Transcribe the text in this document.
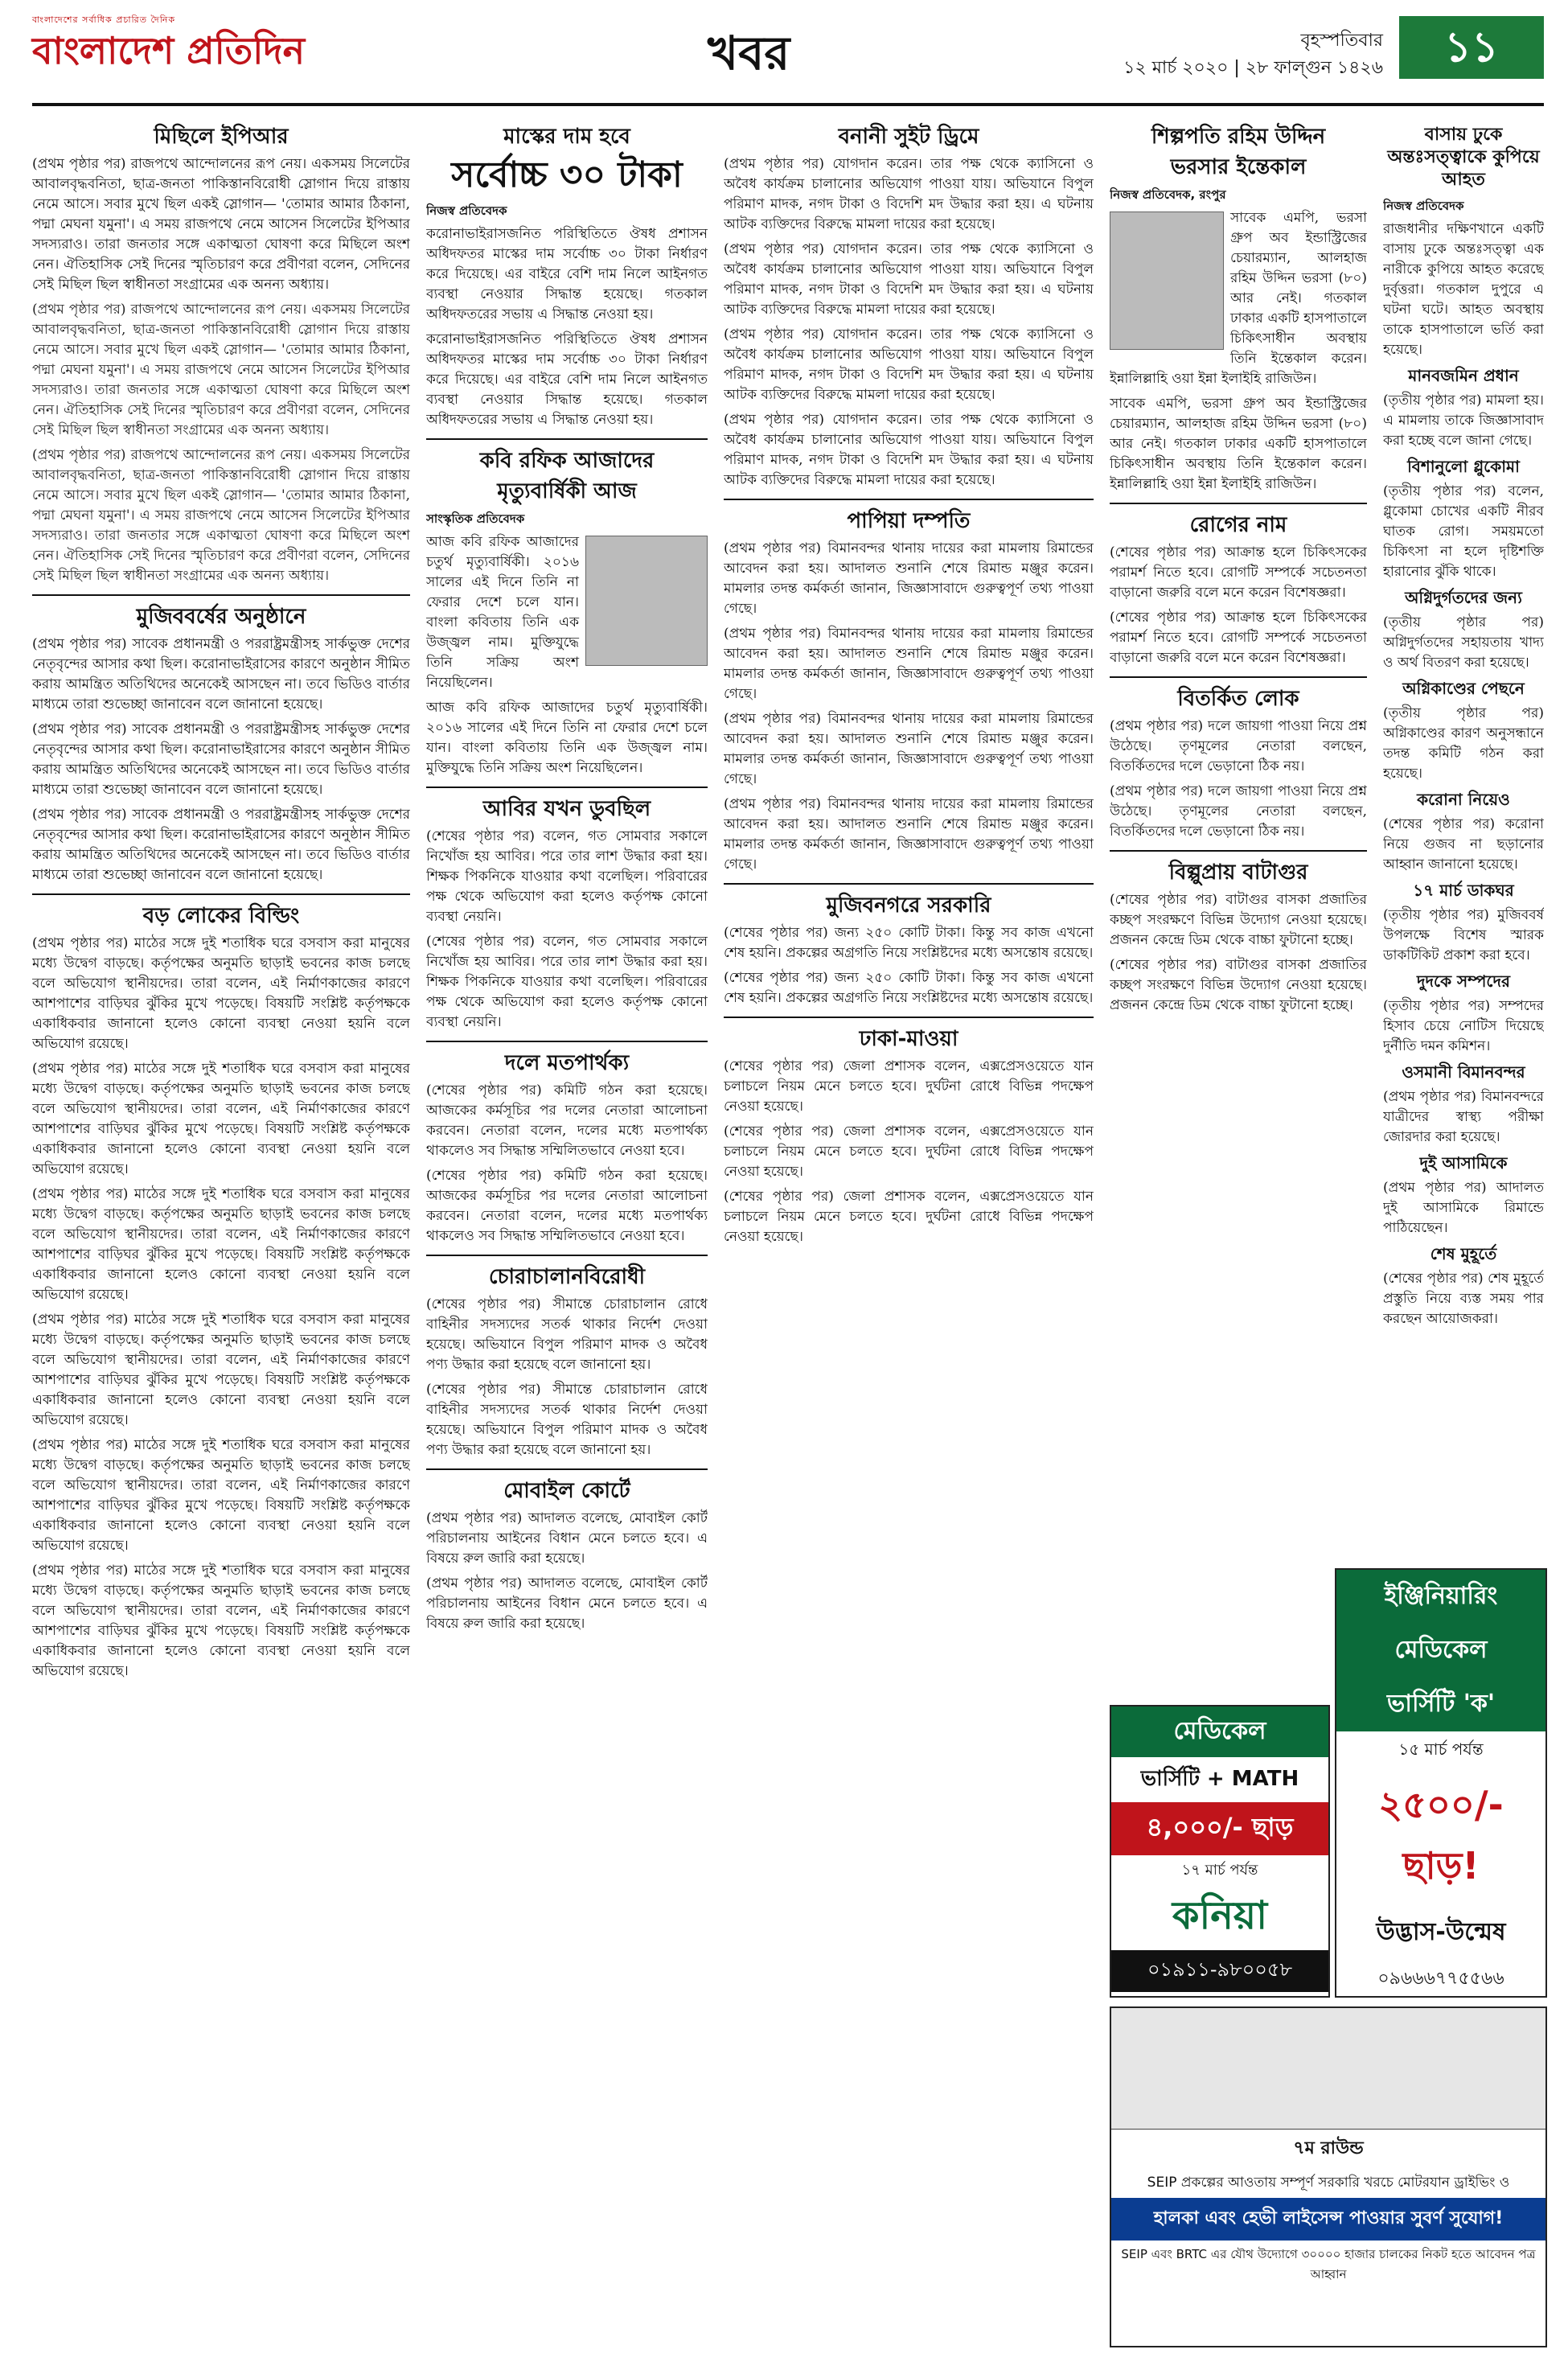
বাংলাদেশের সর্বাধিক প্রচারিত দৈনিক
বাংলাদেশ প্রতিদিন	খবর	বৃহস্পতিবার
১২ মার্চ ২০২০ | ২৮ ফাল্গুন ১৪২৬	১১
মিছিলে ইপিআর

(প্রথম পৃষ্ঠার পর) রাজপথে আন্দোলনের রূপ নেয়। একসময় সিলেটের আবালবৃদ্ধবনিতা, ছাত্র-জনতা পাকিস্তানবিরোধী স্লোগান দিয়ে রাস্তায় নেমে আসে। সবার মুখে ছিল একই স্লোগান— 'তোমার আমার ঠিকানা, পদ্মা মেঘনা যমুনা'। এ সময় রাজপথে নেমে আসেন সিলেটের ইপিআর সদস্যরাও। তারা জনতার সঙ্গে একাত্মতা ঘোষণা করে মিছিলে অংশ নেন। ঐতিহাসিক সেই দিনের স্মৃতিচারণ করে প্রবীণরা বলেন, সেদিনের সেই মিছিল ছিল স্বাধীনতা সংগ্রামের এক অনন্য অধ্যায়।

(প্রথম পৃষ্ঠার পর) রাজপথে আন্দোলনের রূপ নেয়। একসময় সিলেটের আবালবৃদ্ধবনিতা, ছাত্র-জনতা পাকিস্তানবিরোধী স্লোগান দিয়ে রাস্তায় নেমে আসে। সবার মুখে ছিল একই স্লোগান— 'তোমার আমার ঠিকানা, পদ্মা মেঘনা যমুনা'। এ সময় রাজপথে নেমে আসেন সিলেটের ইপিআর সদস্যরাও। তারা জনতার সঙ্গে একাত্মতা ঘোষণা করে মিছিলে অংশ নেন। ঐতিহাসিক সেই দিনের স্মৃতিচারণ করে প্রবীণরা বলেন, সেদিনের সেই মিছিল ছিল স্বাধীনতা সংগ্রামের এক অনন্য অধ্যায়।

(প্রথম পৃষ্ঠার পর) রাজপথে আন্দোলনের রূপ নেয়। একসময় সিলেটের আবালবৃদ্ধবনিতা, ছাত্র-জনতা পাকিস্তানবিরোধী স্লোগান দিয়ে রাস্তায় নেমে আসে। সবার মুখে ছিল একই স্লোগান— 'তোমার আমার ঠিকানা, পদ্মা মেঘনা যমুনা'। এ সময় রাজপথে নেমে আসেন সিলেটের ইপিআর সদস্যরাও। তারা জনতার সঙ্গে একাত্মতা ঘোষণা করে মিছিলে অংশ নেন। ঐতিহাসিক সেই দিনের স্মৃতিচারণ করে প্রবীণরা বলেন, সেদিনের সেই মিছিল ছিল স্বাধীনতা সংগ্রামের এক অনন্য অধ্যায়।

মুজিববর্ষের অনুষ্ঠানে

(প্রথম পৃষ্ঠার পর) সাবেক প্রধানমন্ত্রী ও পররাষ্ট্রমন্ত্রীসহ সার্কভুক্ত দেশের নেতৃবৃন্দের আসার কথা ছিল। করোনাভাইরাসের কারণে অনুষ্ঠান সীমিত করায় আমন্ত্রিত অতিথিদের অনেকেই আসছেন না। তবে ভিডিও বার্তার মাধ্যমে তারা শুভেচ্ছা জানাবেন বলে জানানো হয়েছে।

(প্রথম পৃষ্ঠার পর) সাবেক প্রধানমন্ত্রী ও পররাষ্ট্রমন্ত্রীসহ সার্কভুক্ত দেশের নেতৃবৃন্দের আসার কথা ছিল। করোনাভাইরাসের কারণে অনুষ্ঠান সীমিত করায় আমন্ত্রিত অতিথিদের অনেকেই আসছেন না। তবে ভিডিও বার্তার মাধ্যমে তারা শুভেচ্ছা জানাবেন বলে জানানো হয়েছে।

(প্রথম পৃষ্ঠার পর) সাবেক প্রধানমন্ত্রী ও পররাষ্ট্রমন্ত্রীসহ সার্কভুক্ত দেশের নেতৃবৃন্দের আসার কথা ছিল। করোনাভাইরাসের কারণে অনুষ্ঠান সীমিত করায় আমন্ত্রিত অতিথিদের অনেকেই আসছেন না। তবে ভিডিও বার্তার মাধ্যমে তারা শুভেচ্ছা জানাবেন বলে জানানো হয়েছে।

বড় লোকের বিল্ডিং

(প্রথম পৃষ্ঠার পর) মাঠের সঙ্গে দুই শতাধিক ঘরে বসবাস করা মানুষের মধ্যে উদ্বেগ বাড়ছে। কর্তৃপক্ষের অনুমতি ছাড়াই ভবনের কাজ চলছে বলে অভিযোগ স্থানীয়দের। তারা বলেন, এই নির্মাণকাজের কারণে আশপাশের বাড়িঘর ঝুঁকির মুখে পড়েছে। বিষয়টি সংশ্লিষ্ট কর্তৃপক্ষকে একাধিকবার জানানো হলেও কোনো ব্যবস্থা নেওয়া হয়নি বলে অভিযোগ রয়েছে।

(প্রথম পৃষ্ঠার পর) মাঠের সঙ্গে দুই শতাধিক ঘরে বসবাস করা মানুষের মধ্যে উদ্বেগ বাড়ছে। কর্তৃপক্ষের অনুমতি ছাড়াই ভবনের কাজ চলছে বলে অভিযোগ স্থানীয়দের। তারা বলেন, এই নির্মাণকাজের কারণে আশপাশের বাড়িঘর ঝুঁকির মুখে পড়েছে। বিষয়টি সংশ্লিষ্ট কর্তৃপক্ষকে একাধিকবার জানানো হলেও কোনো ব্যবস্থা নেওয়া হয়নি বলে অভিযোগ রয়েছে।

(প্রথম পৃষ্ঠার পর) মাঠের সঙ্গে দুই শতাধিক ঘরে বসবাস করা মানুষের মধ্যে উদ্বেগ বাড়ছে। কর্তৃপক্ষের অনুমতি ছাড়াই ভবনের কাজ চলছে বলে অভিযোগ স্থানীয়দের। তারা বলেন, এই নির্মাণকাজের কারণে আশপাশের বাড়িঘর ঝুঁকির মুখে পড়েছে। বিষয়টি সংশ্লিষ্ট কর্তৃপক্ষকে একাধিকবার জানানো হলেও কোনো ব্যবস্থা নেওয়া হয়নি বলে অভিযোগ রয়েছে।

(প্রথম পৃষ্ঠার পর) মাঠের সঙ্গে দুই শতাধিক ঘরে বসবাস করা মানুষের মধ্যে উদ্বেগ বাড়ছে। কর্তৃপক্ষের অনুমতি ছাড়াই ভবনের কাজ চলছে বলে অভিযোগ স্থানীয়দের। তারা বলেন, এই নির্মাণকাজের কারণে আশপাশের বাড়িঘর ঝুঁকির মুখে পড়েছে। বিষয়টি সংশ্লিষ্ট কর্তৃপক্ষকে একাধিকবার জানানো হলেও কোনো ব্যবস্থা নেওয়া হয়নি বলে অভিযোগ রয়েছে।

(প্রথম পৃষ্ঠার পর) মাঠের সঙ্গে দুই শতাধিক ঘরে বসবাস করা মানুষের মধ্যে উদ্বেগ বাড়ছে। কর্তৃপক্ষের অনুমতি ছাড়াই ভবনের কাজ চলছে বলে অভিযোগ স্থানীয়দের। তারা বলেন, এই নির্মাণকাজের কারণে আশপাশের বাড়িঘর ঝুঁকির মুখে পড়েছে। বিষয়টি সংশ্লিষ্ট কর্তৃপক্ষকে একাধিকবার জানানো হলেও কোনো ব্যবস্থা নেওয়া হয়নি বলে অভিযোগ রয়েছে।

(প্রথম পৃষ্ঠার পর) মাঠের সঙ্গে দুই শতাধিক ঘরে বসবাস করা মানুষের মধ্যে উদ্বেগ বাড়ছে। কর্তৃপক্ষের অনুমতি ছাড়াই ভবনের কাজ চলছে বলে অভিযোগ স্থানীয়দের। তারা বলেন, এই নির্মাণকাজের কারণে আশপাশের বাড়িঘর ঝুঁকির মুখে পড়েছে। বিষয়টি সংশ্লিষ্ট কর্তৃপক্ষকে একাধিকবার জানানো হলেও কোনো ব্যবস্থা নেওয়া হয়নি বলে অভিযোগ রয়েছে।

মাস্কের দাম হবে
সর্বোচ্চ ৩০ টাকা
নিজস্ব প্রতিবেদক

করোনাভাইরাসজনিত পরিস্থিতিতে ঔষধ প্রশাসন অধিদফতর মাস্কের দাম সর্বোচ্চ ৩০ টাকা নির্ধারণ করে দিয়েছে। এর বাইরে বেশি দাম নিলে আইনগত ব্যবস্থা নেওয়ার সিদ্ধান্ত হয়েছে। গতকাল অধিদফতরের সভায় এ সিদ্ধান্ত নেওয়া হয়।

করোনাভাইরাসজনিত পরিস্থিতিতে ঔষধ প্রশাসন অধিদফতর মাস্কের দাম সর্বোচ্চ ৩০ টাকা নির্ধারণ করে দিয়েছে। এর বাইরে বেশি দাম নিলে আইনগত ব্যবস্থা নেওয়ার সিদ্ধান্ত হয়েছে। গতকাল অধিদফতরের সভায় এ সিদ্ধান্ত নেওয়া হয়।

কবি রফিক আজাদের
মৃত্যুবার্ষিকী আজ
সাংস্কৃতিক প্রতিবেদক

আজ কবি রফিক আজাদের চতুর্থ মৃত্যুবার্ষিকী। ২০১৬ সালের এই দিনে তিনি না ফেরার দেশে চলে যান। বাংলা কবিতায় তিনি এক উজ্জ্বল নাম। মুক্তিযুদ্ধে তিনি সক্রিয় অংশ নিয়েছিলেন।

আজ কবি রফিক আজাদের চতুর্থ মৃত্যুবার্ষিকী। ২০১৬ সালের এই দিনে তিনি না ফেরার দেশে চলে যান। বাংলা কবিতায় তিনি এক উজ্জ্বল নাম। মুক্তিযুদ্ধে তিনি সক্রিয় অংশ নিয়েছিলেন।

আবির যখন ডুবছিল

(শেষের পৃষ্ঠার পর) বলেন, গত সোমবার সকালে নিখোঁজ হয় আবির। পরে তার লাশ উদ্ধার করা হয়। শিক্ষক পিকনিকে যাওয়ার কথা বলেছিল। পরিবারের পক্ষ থেকে অভিযোগ করা হলেও কর্তৃপক্ষ কোনো ব্যবস্থা নেয়নি।

(শেষের পৃষ্ঠার পর) বলেন, গত সোমবার সকালে নিখোঁজ হয় আবির। পরে তার লাশ উদ্ধার করা হয়। শিক্ষক পিকনিকে যাওয়ার কথা বলেছিল। পরিবারের পক্ষ থেকে অভিযোগ করা হলেও কর্তৃপক্ষ কোনো ব্যবস্থা নেয়নি।

দলে মতপার্থক্য

(শেষের পৃষ্ঠার পর) কমিটি গঠন করা হয়েছে। আজকের কর্মসূচির পর দলের নেতারা আলোচনা করবেন। নেতারা বলেন, দলের মধ্যে মতপার্থক্য থাকলেও সব সিদ্ধান্ত সম্মিলিতভাবে নেওয়া হবে।

(শেষের পৃষ্ঠার পর) কমিটি গঠন করা হয়েছে। আজকের কর্মসূচির পর দলের নেতারা আলোচনা করবেন। নেতারা বলেন, দলের মধ্যে মতপার্থক্য থাকলেও সব সিদ্ধান্ত সম্মিলিতভাবে নেওয়া হবে।

চোরাচালানবিরোধী

(শেষের পৃষ্ঠার পর) সীমান্তে চোরাচালান রোধে বাহিনীর সদস্যদের সতর্ক থাকার নির্দেশ দেওয়া হয়েছে। অভিযানে বিপুল পরিমাণ মাদক ও অবৈধ পণ্য উদ্ধার করা হয়েছে বলে জানানো হয়।

(শেষের পৃষ্ঠার পর) সীমান্তে চোরাচালান রোধে বাহিনীর সদস্যদের সতর্ক থাকার নির্দেশ দেওয়া হয়েছে। অভিযানে বিপুল পরিমাণ মাদক ও অবৈধ পণ্য উদ্ধার করা হয়েছে বলে জানানো হয়।

মোবাইল কোর্টে

(প্রথম পৃষ্ঠার পর) আদালত বলেছে, মোবাইল কোর্ট পরিচালনায় আইনের বিধান মেনে চলতে হবে। এ বিষয়ে রুল জারি করা হয়েছে।

(প্রথম পৃষ্ঠার পর) আদালত বলেছে, মোবাইল কোর্ট পরিচালনায় আইনের বিধান মেনে চলতে হবে। এ বিষয়ে রুল জারি করা হয়েছে।

বনানী সুইট ড্রিমে

(প্রথম পৃষ্ঠার পর) যোগদান করেন। তার পক্ষ থেকে ক্যাসিনো ও অবৈধ কার্যক্রম চালানোর অভিযোগ পাওয়া যায়। অভিযানে বিপুল পরিমাণ মাদক, নগদ টাকা ও বিদেশি মদ উদ্ধার করা হয়। এ ঘটনায় আটক ব্যক্তিদের বিরুদ্ধে মামলা দায়ের করা হয়েছে।

(প্রথম পৃষ্ঠার পর) যোগদান করেন। তার পক্ষ থেকে ক্যাসিনো ও অবৈধ কার্যক্রম চালানোর অভিযোগ পাওয়া যায়। অভিযানে বিপুল পরিমাণ মাদক, নগদ টাকা ও বিদেশি মদ উদ্ধার করা হয়। এ ঘটনায় আটক ব্যক্তিদের বিরুদ্ধে মামলা দায়ের করা হয়েছে।

(প্রথম পৃষ্ঠার পর) যোগদান করেন। তার পক্ষ থেকে ক্যাসিনো ও অবৈধ কার্যক্রম চালানোর অভিযোগ পাওয়া যায়। অভিযানে বিপুল পরিমাণ মাদক, নগদ টাকা ও বিদেশি মদ উদ্ধার করা হয়। এ ঘটনায় আটক ব্যক্তিদের বিরুদ্ধে মামলা দায়ের করা হয়েছে।

(প্রথম পৃষ্ঠার পর) যোগদান করেন। তার পক্ষ থেকে ক্যাসিনো ও অবৈধ কার্যক্রম চালানোর অভিযোগ পাওয়া যায়। অভিযানে বিপুল পরিমাণ মাদক, নগদ টাকা ও বিদেশি মদ উদ্ধার করা হয়। এ ঘটনায় আটক ব্যক্তিদের বিরুদ্ধে মামলা দায়ের করা হয়েছে।

পাপিয়া দম্পতি

(প্রথম পৃষ্ঠার পর) বিমানবন্দর থানায় দায়ের করা মামলায় রিমান্ডের আবেদন করা হয়। আদালত শুনানি শেষে রিমান্ড মঞ্জুর করেন। মামলার তদন্ত কর্মকর্তা জানান, জিজ্ঞাসাবাদে গুরুত্বপূর্ণ তথ্য পাওয়া গেছে।

(প্রথম পৃষ্ঠার পর) বিমানবন্দর থানায় দায়ের করা মামলায় রিমান্ডের আবেদন করা হয়। আদালত শুনানি শেষে রিমান্ড মঞ্জুর করেন। মামলার তদন্ত কর্মকর্তা জানান, জিজ্ঞাসাবাদে গুরুত্বপূর্ণ তথ্য পাওয়া গেছে।

(প্রথম পৃষ্ঠার পর) বিমানবন্দর থানায় দায়ের করা মামলায় রিমান্ডের আবেদন করা হয়। আদালত শুনানি শেষে রিমান্ড মঞ্জুর করেন। মামলার তদন্ত কর্মকর্তা জানান, জিজ্ঞাসাবাদে গুরুত্বপূর্ণ তথ্য পাওয়া গেছে।

(প্রথম পৃষ্ঠার পর) বিমানবন্দর থানায় দায়ের করা মামলায় রিমান্ডের আবেদন করা হয়। আদালত শুনানি শেষে রিমান্ড মঞ্জুর করেন। মামলার তদন্ত কর্মকর্তা জানান, জিজ্ঞাসাবাদে গুরুত্বপূর্ণ তথ্য পাওয়া গেছে।

মুজিবনগরে সরকারি

(শেষের পৃষ্ঠার পর) জন্য ২৫০ কোটি টাকা। কিন্তু সব কাজ এখনো শেষ হয়নি। প্রকল্পের অগ্রগতি নিয়ে সংশ্লিষ্টদের মধ্যে অসন্তোষ রয়েছে।

(শেষের পৃষ্ঠার পর) জন্য ২৫০ কোটি টাকা। কিন্তু সব কাজ এখনো শেষ হয়নি। প্রকল্পের অগ্রগতি নিয়ে সংশ্লিষ্টদের মধ্যে অসন্তোষ রয়েছে।

ঢাকা-মাওয়া

(শেষের পৃষ্ঠার পর) জেলা প্রশাসক বলেন, এক্সপ্রেসওয়েতে যান চলাচলে নিয়ম মেনে চলতে হবে। দুর্ঘটনা রোধে বিভিন্ন পদক্ষেপ নেওয়া হয়েছে।

(শেষের পৃষ্ঠার পর) জেলা প্রশাসক বলেন, এক্সপ্রেসওয়েতে যান চলাচলে নিয়ম মেনে চলতে হবে। দুর্ঘটনা রোধে বিভিন্ন পদক্ষেপ নেওয়া হয়েছে।

(শেষের পৃষ্ঠার পর) জেলা প্রশাসক বলেন, এক্সপ্রেসওয়েতে যান চলাচলে নিয়ম মেনে চলতে হবে। দুর্ঘটনা রোধে বিভিন্ন পদক্ষেপ নেওয়া হয়েছে।

শিল্পপতি রহিম উদ্দিন
ভরসার ইন্তেকাল
নিজস্ব প্রতিবেদক, রংপুর

সাবেক এমপি, ভরসা গ্রুপ অব ইন্ডাস্ট্রিজের চেয়ারম্যান, আলহাজ রহিম উদ্দিন ভরসা (৮০) আর নেই। গতকাল ঢাকার একটি হাসপাতালে চিকিৎসাধীন অবস্থায় তিনি ইন্তেকাল করেন। ইন্নালিল্লাহি ওয়া ইন্না ইলাইহি রাজিউন।

সাবেক এমপি, ভরসা গ্রুপ অব ইন্ডাস্ট্রিজের চেয়ারম্যান, আলহাজ রহিম উদ্দিন ভরসা (৮০) আর নেই। গতকাল ঢাকার একটি হাসপাতালে চিকিৎসাধীন অবস্থায় তিনি ইন্তেকাল করেন। ইন্নালিল্লাহি ওয়া ইন্না ইলাইহি রাজিউন।

রোগের নাম

(শেষের পৃষ্ঠার পর) আক্রান্ত হলে চিকিৎসকের পরামর্শ নিতে হবে। রোগটি সম্পর্কে সচেতনতা বাড়ানো জরুরি বলে মনে করেন বিশেষজ্ঞরা।

(শেষের পৃষ্ঠার পর) আক্রান্ত হলে চিকিৎসকের পরামর্শ নিতে হবে। রোগটি সম্পর্কে সচেতনতা বাড়ানো জরুরি বলে মনে করেন বিশেষজ্ঞরা।

বিতর্কিত লোক

(প্রথম পৃষ্ঠার পর) দলে জায়গা পাওয়া নিয়ে প্রশ্ন উঠেছে। তৃণমূলের নেতারা বলছেন, বিতর্কিতদের দলে ভেড়ানো ঠিক নয়।

(প্রথম পৃষ্ঠার পর) দলে জায়গা পাওয়া নিয়ে প্রশ্ন উঠেছে। তৃণমূলের নেতারা বলছেন, বিতর্কিতদের দলে ভেড়ানো ঠিক নয়।

বিল্পুপ্রায় বাটাগুর

(শেষের পৃষ্ঠার পর) বাটাগুর বাসকা প্রজাতির কচ্ছপ সংরক্ষণে বিভিন্ন উদ্যোগ নেওয়া হয়েছে। প্রজনন কেন্দ্রে ডিম থেকে বাচ্চা ফুটানো হচ্ছে।

(শেষের পৃষ্ঠার পর) বাটাগুর বাসকা প্রজাতির কচ্ছপ সংরক্ষণে বিভিন্ন উদ্যোগ নেওয়া হয়েছে। প্রজনন কেন্দ্রে ডিম থেকে বাচ্চা ফুটানো হচ্ছে।

বাসায় ঢুকে অন্তঃসত্ত্বাকে কুপিয়ে আহত
নিজস্ব প্রতিবেদক

রাজধানীর দক্ষিণখানে একটি বাসায় ঢুকে অন্তঃসত্ত্বা এক নারীকে কুপিয়ে আহত করেছে দুর্বৃত্তরা। গতকাল দুপুরে এ ঘটনা ঘটে। আহত অবস্থায় তাকে হাসপাতালে ভর্তি করা হয়েছে।

মানবজমিন প্রধান

(তৃতীয় পৃষ্ঠার পর) মামলা হয়। এ মামলায় তাকে জিজ্ঞাসাবাদ করা হচ্ছে বলে জানা গেছে।

বিশানুলো গ্লুকোমা

(তৃতীয় পৃষ্ঠার পর) বলেন, গ্লুকোমা চোখের একটি নীরব ঘাতক রোগ। সময়মতো চিকিৎসা না হলে দৃষ্টিশক্তি হারানোর ঝুঁকি থাকে।

অগ্নিদুর্গতদের জন্য

(তৃতীয় পৃষ্ঠার পর) অগ্নিদুর্গতদের সহায়তায় খাদ্য ও অর্থ বিতরণ করা হয়েছে।

অগ্নিকাণ্ডের পেছনে

(তৃতীয় পৃষ্ঠার পর) অগ্নিকাণ্ডের কারণ অনুসন্ধানে তদন্ত কমিটি গঠন করা হয়েছে।

করোনা নিয়েও

(শেষের পৃষ্ঠার পর) করোনা নিয়ে গুজব না ছড়ানোর আহ্বান জানানো হয়েছে।

১৭ মার্চ ডাকঘর

(তৃতীয় পৃষ্ঠার পর) মুজিববর্ষ উপলক্ষে বিশেষ স্মারক ডাকটিকিট প্রকাশ করা হবে।

দুদকে সম্পদের

(তৃতীয় পৃষ্ঠার পর) সম্পদের হিসাব চেয়ে নোটিস দিয়েছে দুর্নীতি দমন কমিশন।

ওসমানী বিমানবন্দর

(প্রথম পৃষ্ঠার পর) বিমানবন্দরে যাত্রীদের স্বাস্থ্য পরীক্ষা জোরদার করা হয়েছে।

দুই আসামিকে

(প্রথম পৃষ্ঠার পর) আদালত দুই আসামিকে রিমান্ডে পাঠিয়েছেন।

শেষ মুহূর্তে

(শেষের পৃষ্ঠার পর) শেষ মুহূর্তে প্রস্তুতি নিয়ে ব্যস্ত সময় পার করছেন আয়োজকরা।

মেডিকেল
ভার্সিটি + MATH
৪,০০০/- ছাড়
১৭ মার্চ পর্যন্ত
কনিয়া
০১৯১১-৯৮০০৫৮
ইঞ্জিনিয়ারিং
মেডিকেল
ভার্সিটি 'ক'
১৫ মার্চ পর্যন্ত
২৫০০/- ছাড়!
উদ্ভাস-উন্মেষ
০৯৬৬৬৭৭৫৫৬৬
৭ম রাউন্ড
SEIP প্রকল্পের আওতায় সম্পূর্ণ সরকারি খরচে মোটরযান ড্রাইভিং ও
হালকা এবং হেভী লাইসেন্স পাওয়ার সুবর্ণ সুযোগ!
SEIP এবং BRTC এর যৌথ উদ্যোগে ৩০০০০ হাজার চালকের নিকট হতে আবেদন পত্র আহ্বান
